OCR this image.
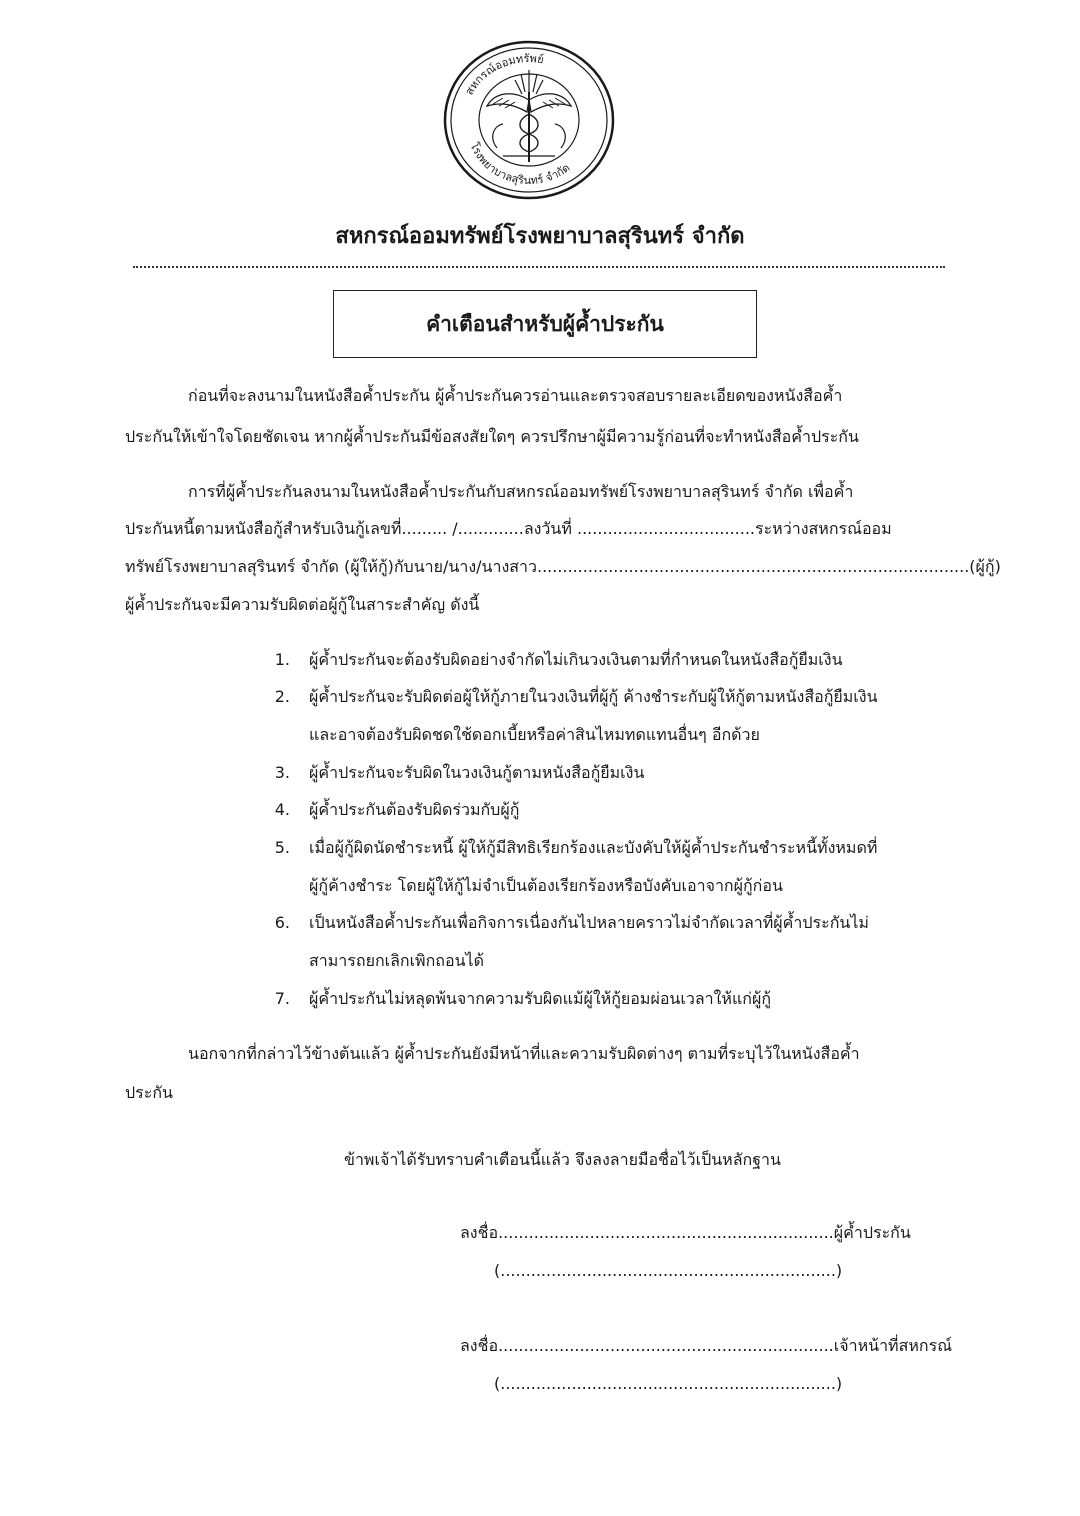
สหกรณ์ออมทรัพย์
โรงพยาบาลสุรินทร์ จำกัด
สหกรณ์ออมทรัพย์โรงพยาบาลสุรินทร์ จำกัด
คำเตือนสำหรับผู้ค้ำประกัน
ก่อนที่จะลงนามในหนังสือค้ำประกัน ผู้ค้ำประกันควรอ่านและตรวจสอบรายละเอียดของหนังสือค้ำ
ประกันให้เข้าใจโดยชัดเจน หากผู้ค้ำประกันมีข้อสงสัยใดๆ ควรปรึกษาผู้มีความรู้ก่อนที่จะทำหนังสือค้ำประกัน
การที่ผู้ค้ำประกันลงนามในหนังสือค้ำประกันกับสหกรณ์ออมทรัพย์โรงพยาบาลสุรินทร์ จำกัด เพื่อค้ำ
ประกันหนี้ตามหนังสือกู้สำหรับเงินกู้เลขที่......... /.............ลงวันที่ ...................................ระหว่างสหกรณ์ออม
ทรัพย์โรงพยาบาลสุรินทร์ จำกัด (ผู้ให้กู้)กับนาย/นาง/นางสาว.....................................................................................(ผู้กู้)
ผู้ค้ำประกันจะมีความรับผิดต่อผู้กู้ในสาระสำคัญ ดังนี้
1. ผู้ค้ำประกันจะต้องรับผิดอย่างจำกัดไม่เกินวงเงินตามที่กำหนดในหนังสือกู้ยืมเงิน
2. ผู้ค้ำประกันจะรับผิดต่อผู้ให้กู้ภายในวงเงินที่ผู้กู้ ค้างชำระกับผู้ให้กู้ตามหนังสือกู้ยืมเงิน
และอาจต้องรับผิดชดใช้ดอกเบี้ยหรือค่าสินไหมทดแทนอื่นๆ อีกด้วย
3. ผู้ค้ำประกันจะรับผิดในวงเงินกู้ตามหนังสือกู้ยืมเงิน
4. ผู้ค้ำประกันต้องรับผิดร่วมกับผู้กู้
5. เมื่อผู้กู้ผิดนัดชำระหนี้ ผู้ให้กู้มีสิทธิเรียกร้องและบังคับให้ผู้ค้ำประกันชำระหนี้ทั้งหมดที่
ผู้กู้ค้างชำระ โดยผู้ให้กู้ไม่จำเป็นต้องเรียกร้องหรือบังคับเอาจากผู้กู้ก่อน
6. เป็นหนังสือค้ำประกันเพื่อกิจการเนื่องกันไปหลายคราวไม่จำกัดเวลาที่ผู้ค้ำประกันไม่
สามารถยกเลิกเพิกถอนได้
7. ผู้ค้ำประกันไม่หลุดพ้นจากความรับผิดแม้ผู้ให้กู้ยอมผ่อนเวลาให้แก่ผู้กู้
นอกจากที่กล่าวไว้ข้างต้นแล้ว ผู้ค้ำประกันยังมีหน้าที่และความรับผิดต่างๆ ตามที่ระบุไว้ในหนังสือค้ำ
ประกัน
ข้าพเจ้าได้รับทราบคำเตือนนี้แล้ว จึงลงลายมือชื่อไว้เป็นหลักฐาน
ลงชื่อ..................................................................ผู้ค้ำประกัน
(..................................................................)
ลงชื่อ..................................................................เจ้าหน้าที่สหกรณ์
(..................................................................)
